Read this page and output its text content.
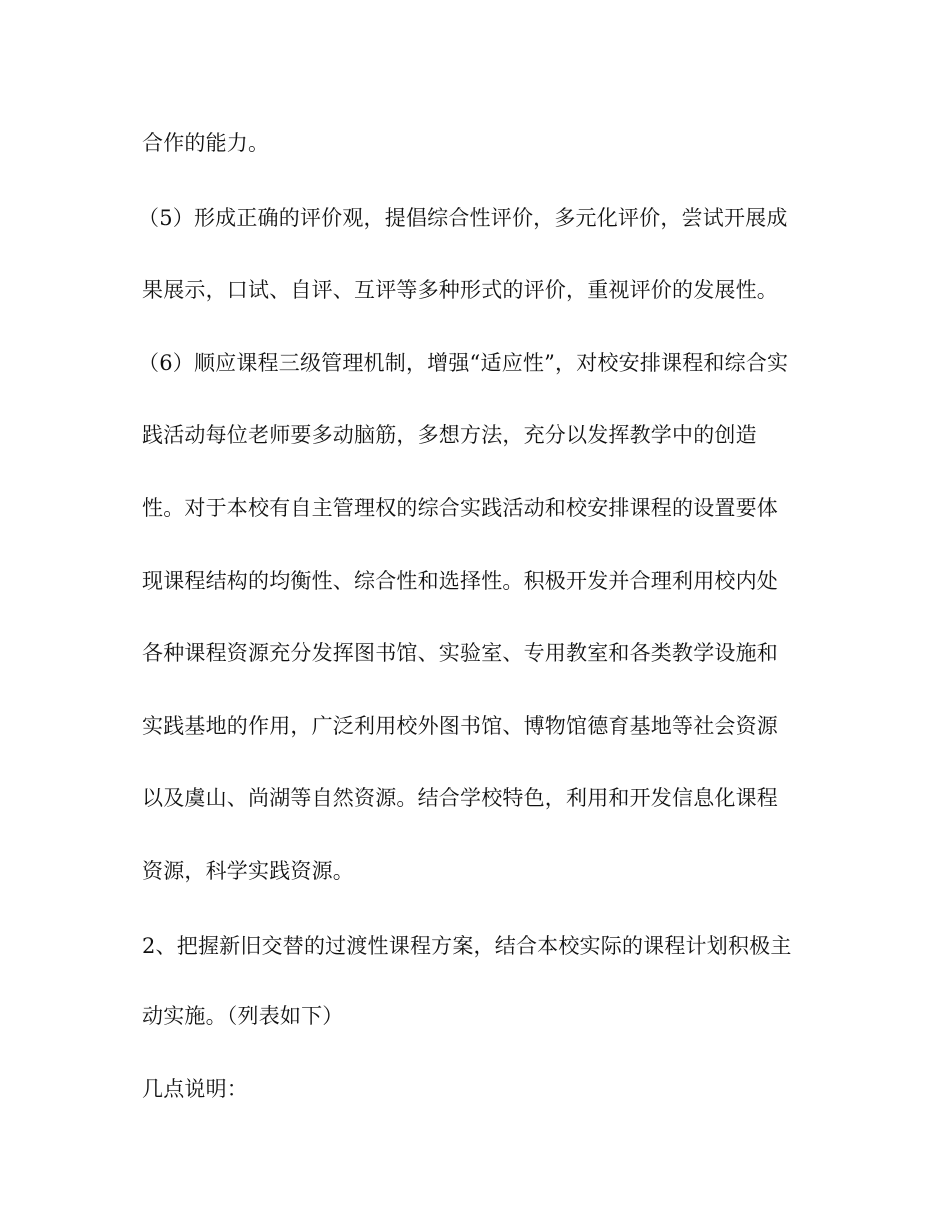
合作的能力。
（5）形成正确的评价观，提倡综合性评价，多元化评价，尝试开展成
果展示，口试、自评、互评等多种形式的评价，重视评价的发展性。
（6）顺应课程三级管理机制，增强“适应性”，对校安排课程和综合实
践活动每位老师要多动脑筋，多想方法，充分以发挥教学中的创造
性。对于本校有自主管理权的综合实践活动和校安排课程的设置要体
现课程结构的均衡性、综合性和选择性。积极开发并合理利用校内处
各种课程资源充分发挥图书馆、实验室、专用教室和各类教学设施和
实践基地的作用，广泛利用校外图书馆、博物馆德育基地等社会资源
以及虞山、尚湖等自然资源。结合学校特色，利用和开发信息化课程
资源，科学实践资源。
2、把握新旧交替的过渡性课程方案，结合本校实际的课程计划积极主
动实施。（列表如下）
几点说明：
